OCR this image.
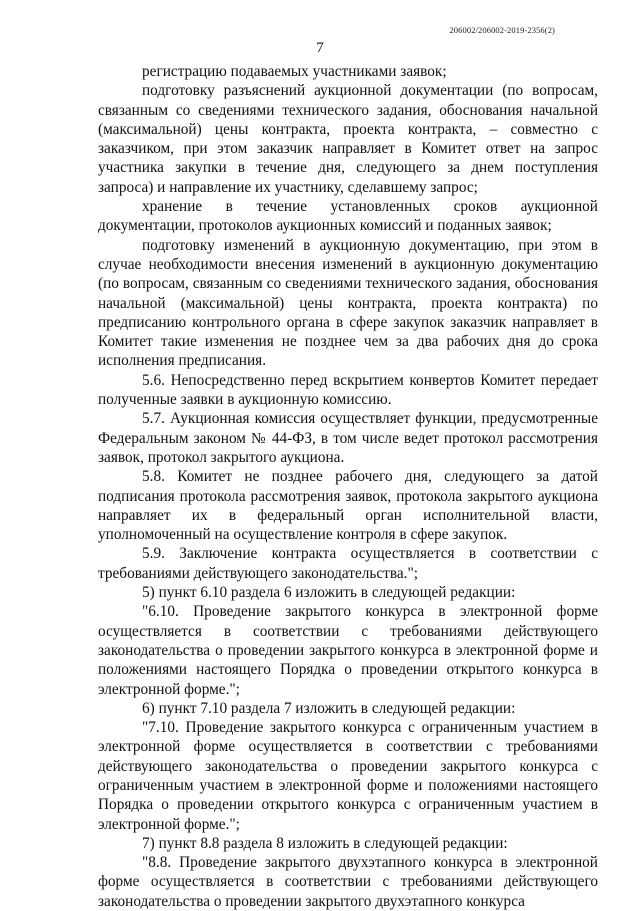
206002/206002-2019-2356(2)
7

регистрацию подаваемых участниками заявок;

подготовку разъяснений аукционной документации (по вопросам, связанным со сведениями технического задания, обоснования начальной (максимальной) цены контракта, проекта контракта, – совместно с заказчиком, при этом заказчик направляет в Комитет ответ на запрос участника закупки в течение дня, следующего за днем поступления запроса) и направление их участнику, сделавшему запрос;

хранение в течение установленных сроков аукционной документации, протоколов аукционных комиссий и поданных заявок;

подготовку изменений в аукционную документацию, при этом в случае необходимости внесения изменений в аукционную документацию (по вопросам, связанным со сведениями технического задания, обоснования начальной (максимальной) цены контракта, проекта контракта) по предписанию контрольного органа в сфере закупок заказчик направляет в Комитет такие изменения не позднее чем за два рабочих дня до срока исполнения предписания.

5.6. Непосредственно перед вскрытием конвертов Комитет передает полученные заявки в аукционную комиссию.

5.7. Аукционная комиссия осуществляет функции, предусмотренные Федеральным законом № 44-ФЗ, в том числе ведет протокол рассмотрения заявок, протокол закрытого аукциона.

5.8. Комитет не позднее рабочего дня, следующего за датой подписания протокола рассмотрения заявок, протокола закрытого аукциона направляет их в федеральный орган исполнительной власти, уполномоченный на осуществление контроля в сфере закупок.

5.9. Заключение контракта осуществляется в соответствии с требованиями действующего законодательства.";

5) пункт 6.10 раздела 6 изложить в следующей редакции:

"6.10. Проведение закрытого конкурса в электронной форме осуществляется в соответствии с требованиями действующего законодательства о проведении закрытого конкурса в электронной форме и положениями настоящего Порядка о проведении открытого конкурса в электронной форме.";

6) пункт 7.10 раздела 7 изложить в следующей редакции:

"7.10. Проведение закрытого конкурса с ограниченным участием в электронной форме осуществляется в соответствии с требованиями действующего законодательства о проведении закрытого конкурса с ограниченным участием в электронной форме и положениями настоящего Порядка о проведении открытого конкурса с ограниченным участием в электронной форме.";

7) пункт 8.8 раздела 8 изложить в следующей редакции:

"8.8. Проведение закрытого двухэтапного конкурса в электронной форме осуществляется в соответствии с требованиями действующего законодательства о проведении закрытого двухэтапного конкурса
